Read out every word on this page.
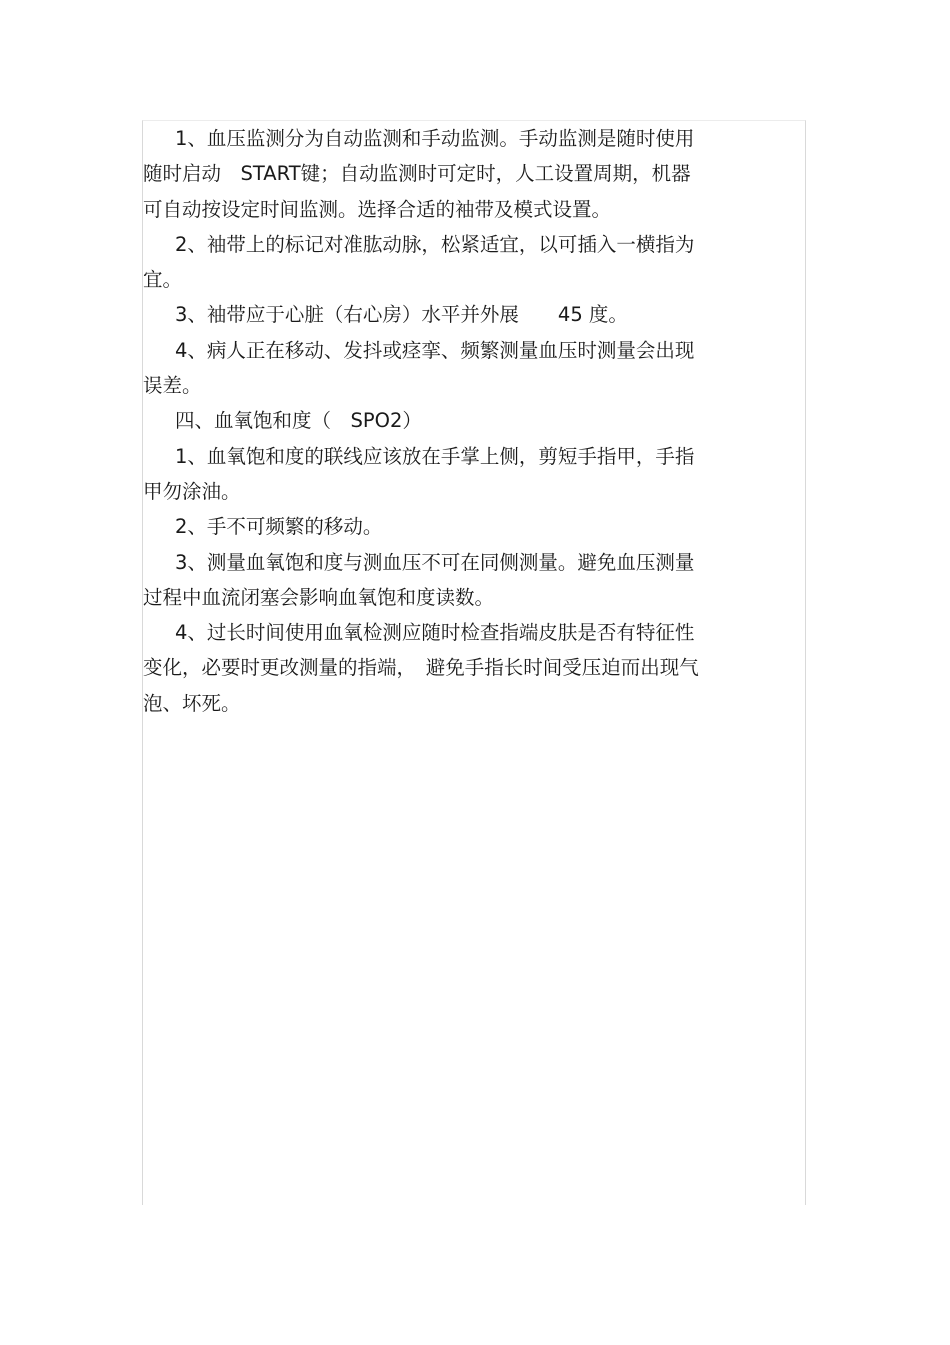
1、血压监测分为自动监测和手动监测。手动监测是随时使用
随时启动　START键；自动监测时可定时，人工设置周期，机器
可自动按设定时间监测。选择合适的袖带及模式设置。
2、袖带上的标记对准肱动脉，松紧适宜，以可插入一横指为
宜。
3、袖带应于心脏（右心房）水平并外展　　45 度。
4、病人正在移动、发抖或痉挛、频繁测量血压时测量会出现
误差。
四、血氧饱和度（　SPO2）
1、血氧饱和度的联线应该放在手掌上侧，剪短手指甲，手指
甲勿涂油。
2、手不可频繁的移动。
3、测量血氧饱和度与测血压不可在同侧测量。避免血压测量
过程中血流闭塞会影响血氧饱和度读数。
4、过长时间使用血氧检测应随时检查指端皮肤是否有特征性
变化，必要时更改测量的指端，　避免手指长时间受压迫而出现气
泡、坏死。
